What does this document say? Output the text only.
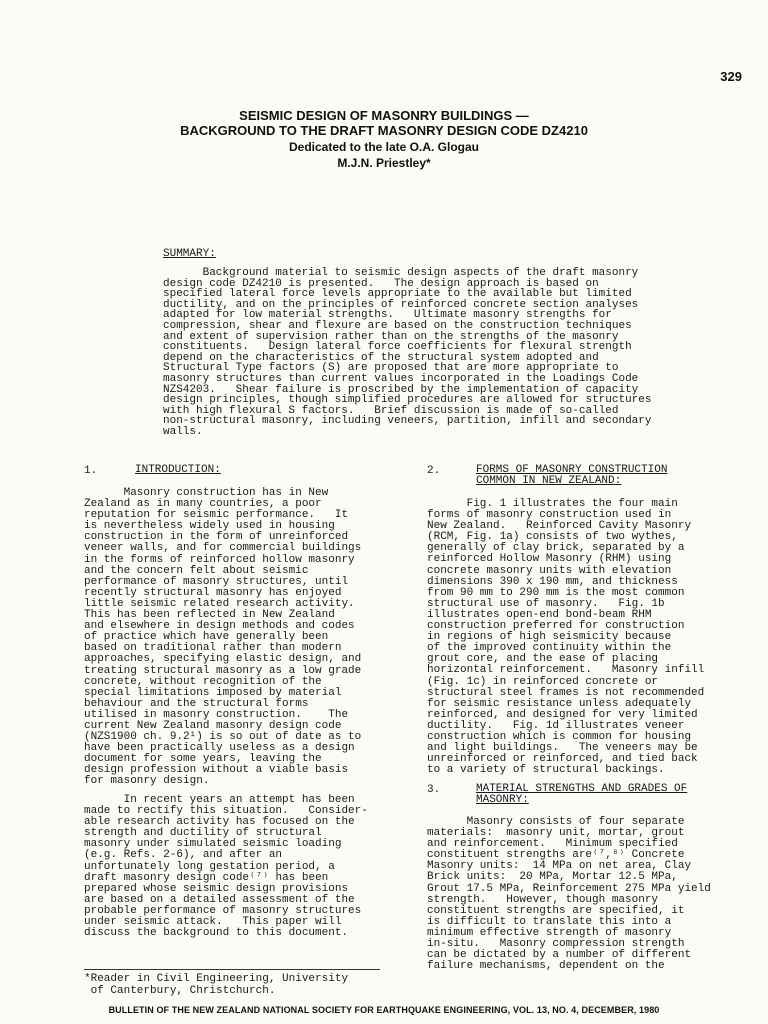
329
SEISMIC DESIGN OF MASONRY BUILDINGS —
BACKGROUND TO THE DRAFT MASONRY DESIGN CODE DZ4210
Dedicated to the late O.A. Glogau
M.J.N. Priestley*
SUMMARY:
Background material to seismic design aspects of the draft masonry
design code DZ4210 is presented.   The design approach is based on
specified lateral force levels appropriate to the available but limited
ductility, and on the principles of reinforced concrete section analyses
adapted for low material strengths.   Ultimate masonry strengths for
compression, shear and flexure are based on the construction techniques
and extent of supervision rather than on the strengths of the masonry
constituents.   Design lateral force coefficients for flexural strength
depend on the characteristics of the structural system adopted and
Structural Type factors (S) are proposed that are more appropriate to
masonry structures than current values incorporated in the Loadings Code
NZS4203.   Shear failure is proscribed by the implementation of capacity
design principles, though simplified procedures are allowed for structures
with high flexural S factors.   Brief discussion is made of so-called
non-structural masonry, including veneers, partition, infill and secondary
walls.
1.	INTRODUCTION:
Masonry construction has in New
Zealand as in many countries, a poor
reputation for seismic performance.   It
is nevertheless widely used in housing
construction in the form of unreinforced
veneer walls, and for commercial buildings
in the forms of reinforced hollow masonry
and the concern felt about seismic
performance of masonry structures, until
recently structural masonry has enjoyed
little seismic related research activity.
This has been reflected in New Zealand
and elsewhere in design methods and codes
of practice which have generally been
based on traditional rather than modern
approaches, specifying elastic design, and
treating structural masonry as a low grade
concrete, without recognition of the
special limitations imposed by material
behaviour and the structural forms
utilised in masonry construction.    The
current New Zealand masonry design code
(NZS1900 ch. 9.2¹) is so out of date as to
have been practically useless as a design
document for some years, leaving the
design profession without a viable basis
for masonry design.
In recent years an attempt has been
made to rectify this situation.   Consider-
able research activity has focused on the
strength and ductility of structural
masonry under simulated seismic loading
(e.g. Refs. 2-6), and after an
unfortunately long gestation period, a
draft masonry design code⁽⁷⁾ has been
prepared whose seismic design provisions
are based on a detailed assessment of the
probable performance of masonry structures
under seismic attack.   This paper will
discuss the background to this document.
2.	FORMS OF MASONRY CONSTRUCTION
COMMON IN NEW ZEALAND:
Fig. 1 illustrates the four main
forms of masonry construction used in
New Zealand.   Reinforced Cavity Masonry
(RCM, Fig. 1a) consists of two wythes,
generally of clay brick, separated by a
reinforced Hollow Masonry (RHM) using
concrete masonry units with elevation
dimensions 390 x 190 mm, and thickness
from 90 mm to 290 mm is the most common
structural use of masonry.   Fig. 1b
illustrates open-end bond-beam RHM
construction preferred for construction
in regions of high seismicity because
of the improved continuity within the
grout core, and the ease of placing
horizontal reinforcement.   Masonry infill
(Fig. 1c) in reinforced concrete or
structural steel frames is not recommended
for seismic resistance unless adequately
reinforced, and designed for very limited
ductility.   Fig. 1d illustrates veneer
construction which is common for housing
and light buildings.   The veneers may be
unreinforced or reinforced, and tied back
to a variety of structural backings.
3.	MATERIAL STRENGTHS AND GRADES OF
MASONRY:
Masonry consists of four separate
materials:  masonry unit, mortar, grout
and reinforcement.   Minimum specified
constituent strengths are⁽⁷,⁸⁾ Concrete
Masonry units:  14 MPa on net area, Clay
Brick units:  20 MPa, Mortar 12.5 MPa,
Grout 17.5 MPa, Reinforcement 275 MPa yield
strength.   However, though masonry
constituent strengths are specified, it
is difficult to translate this into a
minimum effective strength of masonry
in-situ.   Masonry compression strength
can be dictated by a number of different
failure mechanisms, dependent on the
*Reader in Civil Engineering, University
of Canterbury, Christchurch.
BULLETIN OF THE NEW ZEALAND NATIONAL SOCIETY FOR EARTHQUAKE ENGINEERING, VOL. 13, NO. 4, DECEMBER, 1980
